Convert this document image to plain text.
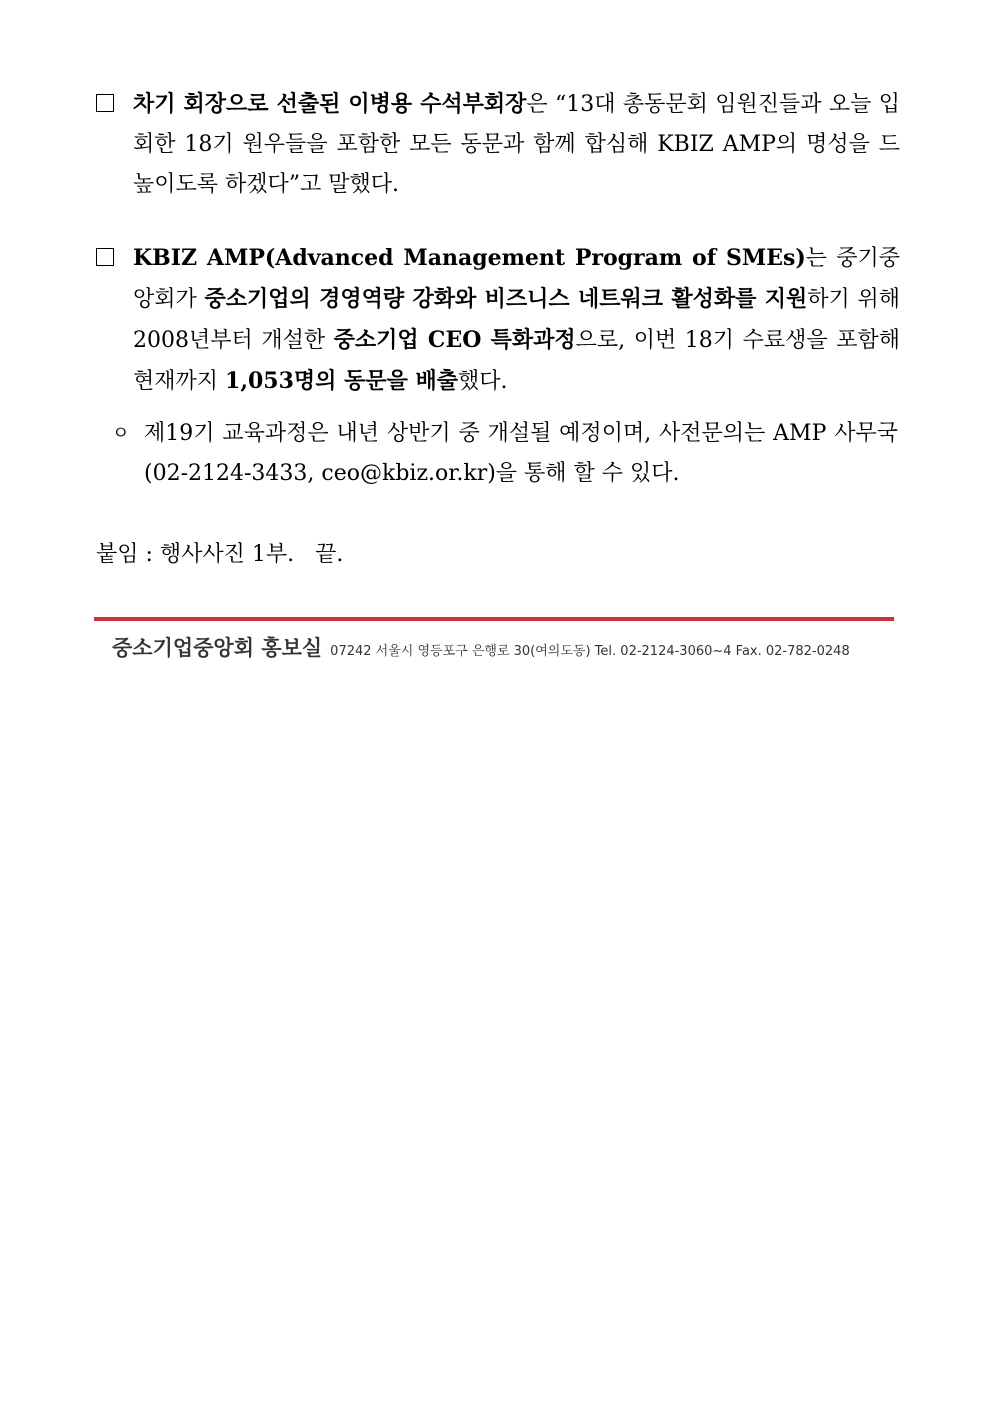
차기 회장으로 선출된 이병용 수석부회장은 “13대 총동문회 임원진들과 오늘 입회한 18기 원우들을 포함한 모든 동문과 함께 합심해 KBIZ AMP의 명성을 드높이도록 하겠다”고 말했다.
KBIZ AMP(Advanced Management Program of SMEs)는 중기중앙회가 중소기업의 경영역량 강화와 비즈니스 네트워크 활성화를 지원하기 위해 2008년부터 개설한 중소기업 CEO 특화과정으로, 이번 18기 수료생을 포함해 현재까지 1,053명의 동문을 배출했다.
ㅇ 제19기 교육과정은 내년 상반기 중 개설될 예정이며, 사전문의는 AMP 사무국(02-2124-3433, ceo@kbiz.or.kr)을 통해 할 수 있다.
붙임 : 행사사진 1부.   끝.
중소기업중앙회 홍보실 07242 서울시 영등포구 은행로 30(여의도동) Tel. 02-2124-3060~4 Fax. 02-782-0248
